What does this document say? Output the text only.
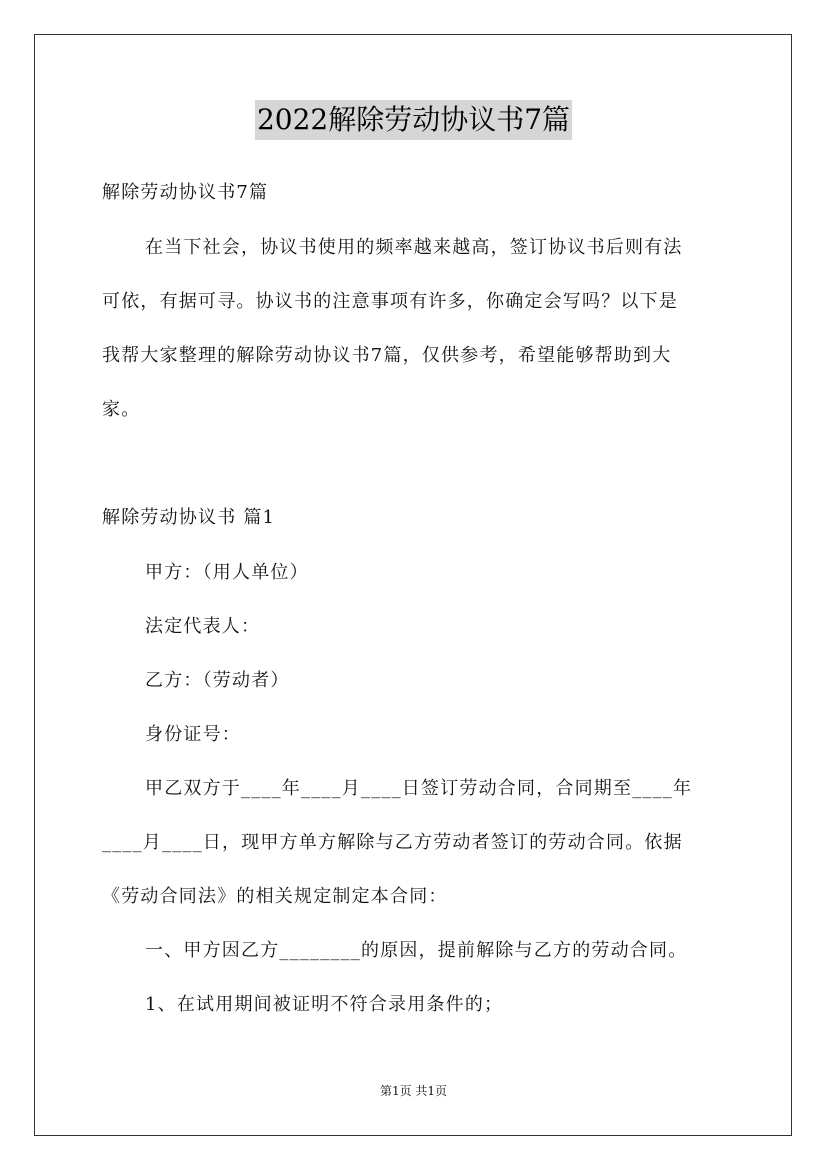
2022解除劳动协议书7篇
解除劳动协议书7篇
在当下社会，协议书使用的频率越来越高，签订协议书后则有法
可依，有据可寻。协议书的注意事项有许多，你确定会写吗？以下是
我帮大家整理的解除劳动协议书7篇，仅供参考，希望能够帮助到大
家。
解除劳动协议书 篇1
甲方：（用人单位）
法定代表人：
乙方：（劳动者）
身份证号：
甲乙双方于____年____月____日签订劳动合同，合同期至____年
____月____日，现甲方单方解除与乙方劳动者签订的劳动合同。依据
《劳动合同法》的相关规定制定本合同：
一、甲方因乙方________的原因，提前解除与乙方的劳动合同。
1、在试用期间被证明不符合录用条件的；
第1页 共1页
